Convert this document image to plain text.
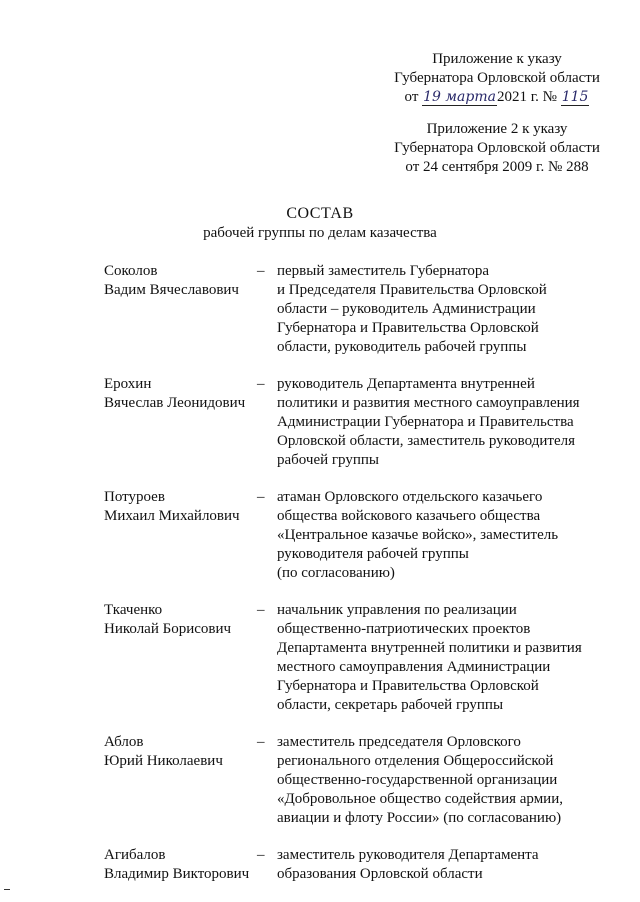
Приложение к указу
Губернатора Орловской области
от 19 марта2021 г. № 115
Приложение 2 к указу
Губернатора Орловской области
от 24 сентября 2009 г. № 288
СОСТАВ
рабочей группы по делам казачества
Соколов
Вадим Вячеславович
– первый заместитель Губернатора
и Председателя Правительства Орловской
области – руководитель Администрации
Губернатора и Правительства Орловской
области, руководитель рабочей группы
Ерохин
Вячеслав Леонидович
– руководитель Департамента внутренней
политики и развития местного самоуправления
Администрации Губернатора и Правительства
Орловской области, заместитель руководителя
рабочей группы
Потуроев
Михаил Михайлович
– атаман Орловского отдельского казачьего
общества войскового казачьего общества
«Центральное казачье войско», заместитель
руководителя рабочей группы
(по согласованию)
Ткаченко
Николай Борисович
– начальник управления по реализации
общественно-патриотических проектов
Департамента внутренней политики и развития
местного самоуправления Администрации
Губернатора и Правительства Орловской
области, секретарь рабочей группы
Аблов
Юрий Николаевич
– заместитель председателя Орловского
регионального отделения Общероссийской
общественно-государственной организации
«Добровольное общество содействия армии,
авиации и флоту России» (по согласованию)
Агибалов
Владимир Викторович
– заместитель руководителя Департамента
образования Орловской области
